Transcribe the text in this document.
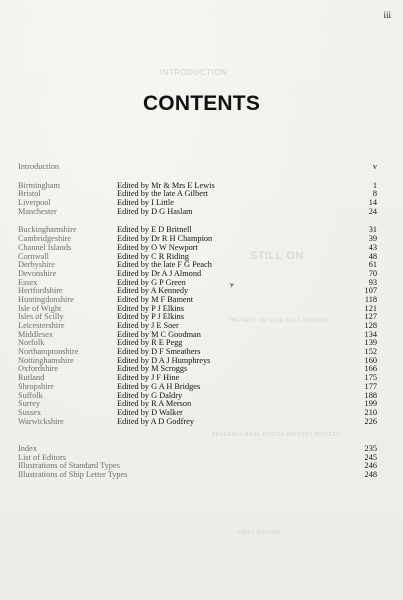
iii
INTRODUCTION
STILL ON
THE BEST OF SALE CALL STUDIOS
SEVERAL LOCAL POSTAL HISTORY SOCIETY
FIRST BRITISH
CONTENTS
➤
Introduction	v
Birmingham	Edited by Mr & Mrs E Lewis	1
Bristol	Edited by the late A Gilbert	8
Liverpool	Edited by I Little	14
Manchester	Edited by D G Haslam	24
Buckinghamshire	Edited by E D Britnell	31
Cambridgeshire	Edited by Dr R H Champion	39
Channel Islands	Edited by O W Newport	43
Cornwall	Edited by C R Riding	48
Derbyshire	Edited by the late F G Peach	61
Devonshire	Edited by Dr A J Almond	70
Essex	Edited by G P Green	93
Hertfordshire	Edited by A Kennedy	107
Huntingdonshire	Edited by M F Bament	118
Isle of Wight	Edited by P J Elkins	121
Isles of Scilly	Edited by P J Elkins	127
Leicestershire	Edited by J E Soer	128
Middlesex	Edited by M C Goodman	134
Norfolk	Edited by R E Pegg	139
Northamptonshire	Edited by D F Smeathers	152
Nottinghamshire	Edited by D A J Humphreys	160
Oxfordshire	Edited by M Scroggs	166
Rutland	Edited by J F Hine	175
Shropshire	Edited by G A H Bridges	177
Suffolk	Edited by G Daldry	188
Surrey	Edited by R A Merson	199
Sussex	Edited by D Walker	210
Warwickshire	Edited by A D Godfrey	226
Index	235
List of Editors	245
Illustrations of Standard Types	246
Illustrations of Ship Letter Types	248
